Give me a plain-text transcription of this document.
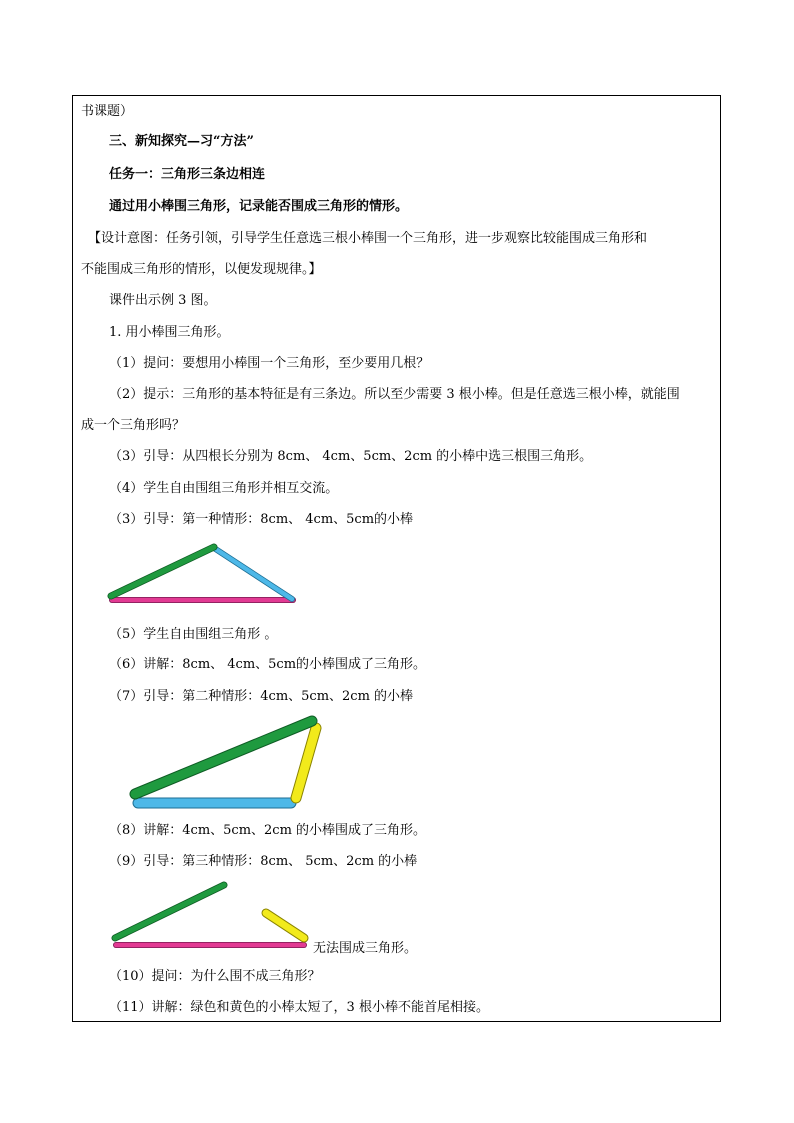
书课题）
三、新知探究—习“方法”
任务一：三角形三条边相连
通过用小棒围三角形，记录能否围成三角形的情形。
【设计意图：任务引领，引导学生任意选三根小棒围一个三角形，进一步观察比较能围成三角形和
不能围成三角形的情形，以便发现规律。】
课件出示例 3 图。
1. 用小棒围三角形。
（1）提问：要想用小棒围一个三角形，至少要用几根？
（2）提示：三角形的基本特征是有三条边。所以至少需要 3 根小棒。但是任意选三根小棒，就能围
成一个三角形吗？
（3）引导：从四根长分别为 8cm、 4cm、5cm、2cm 的小棒中选三根围三角形。
（4）学生自由围组三角形并相互交流。
（3）引导：第一种情形：8cm、 4cm、5cm的小棒
（5）学生自由围组三角形 。
（6）讲解：8cm、 4cm、5cm的小棒围成了三角形。
（7）引导：第二种情形：4cm、5cm、2cm 的小棒
（8）讲解：4cm、5cm、2cm 的小棒围成了三角形。
（9）引导：第三种情形：8cm、 5cm、2cm 的小棒
无法围成三角形。
（10）提问：为什么围不成三角形？
（11）讲解：绿色和黄色的小棒太短了，3 根小棒不能首尾相接。
